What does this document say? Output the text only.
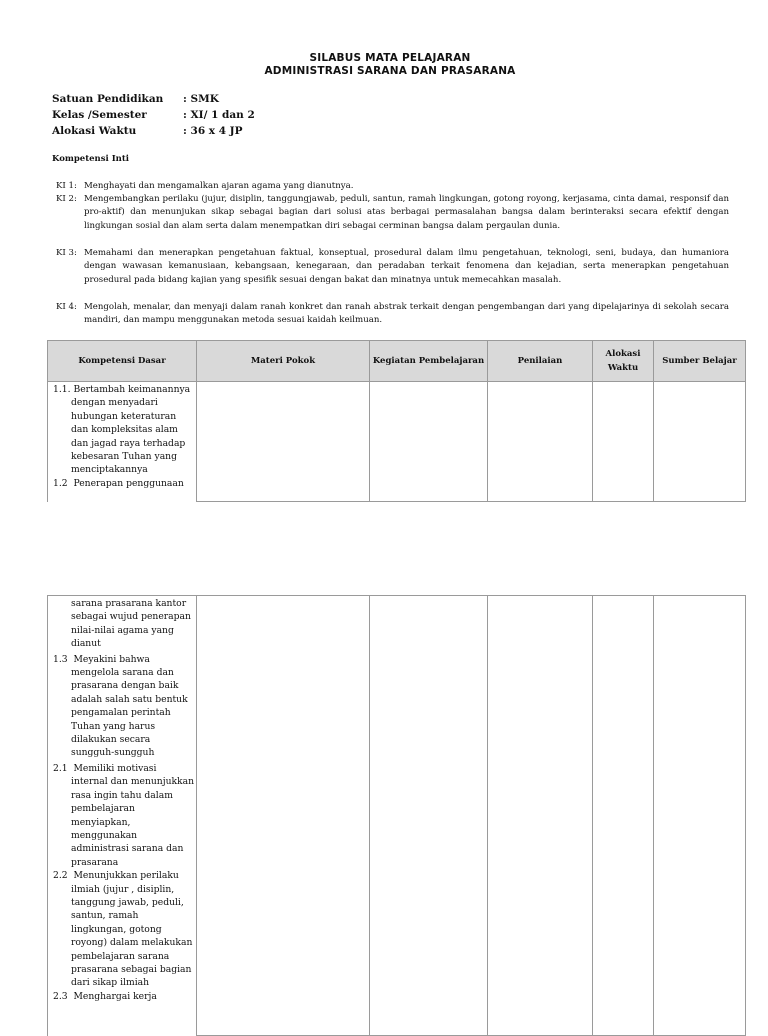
SILABUS MATA PELAJARAN
ADMINISTRASI SARANA DAN PRASARANA
Satuan Pendidikan : SMK
Kelas /Semester	: XI/ 1 dan 2
Alokasi Waktu	: 36 x 4 JP
Kompetensi Inti
KI 1: Menghayati dan mengamalkan ajaran agama yang dianutnya.
KI 2: Mengembangkan perilaku (jujur, disiplin, tanggungjawab, peduli, santun, ramah lingkungan, gotong royong, kerjasama, cinta damai, responsif dan pro-aktif) dan menunjukan sikap sebagai bagian dari solusi atas berbagai permasalahan bangsa dalam berinteraksi secara efektif dengan lingkungan sosial dan alam serta dalam menempatkan diri sebagai cerminan bangsa dalam pergaulan dunia.
KI 3: Memahami dan menerapkan pengetahuan faktual, konseptual, prosedural dalam ilmu pengetahuan, teknologi, seni, budaya, dan humaniora dengan wawasan kemanusiaan, kebangsaan, kenegaraan, dan peradaban terkait fenomena dan kejadian, serta menerapkan pengetahuan prosedural pada bidang kajian yang spesifik sesuai dengan bakat dan minatnya untuk memecahkan masalah.
KI 4: Mengolah, menalar, dan menyaji dalam ranah konkret dan ranah abstrak terkait dengan pengembangan dari yang dipelajarinya di sekolah secara mandiri, dan mampu menggunakan metoda sesuai kaidah keilmuan.
Kompetensi Dasar	Materi Pokok	Kegiatan Pembelajaran	Penilaian	Alokasi Waktu	Sumber Belajar

1.1. Bertambah keimanannya dengan menyadari hubungan keteraturan dan kompleksitas alam dan jagad raya terhadap kebesaran Tuhan yang menciptakannya
1.2 Penerapan penggunaan					

sarana prasarana kantor sebagai wujud penerapan nilai-nilai agama yang dianut
1.3 Meyakini bahwa mengelola sarana dan prasarana dengan baik adalah salah satu bentuk pengamalan perintah Tuhan yang harus dilakukan secara sungguh-sungguh
2.1 Memiliki motivasi internal dan menunjukkan rasa ingin tahu dalam pembelajaran menyiapkan, menggunakan administrasi sarana dan prasarana
2.2 Menunjukkan perilaku ilmiah (jujur , disiplin, tanggung jawab, peduli, santun, ramah lingkungan, gotong royong) dalam melakukan pembelajaran sarana prasarana sebagai bagian dari sikap ilmiah
2.3 Menghargai kerja
